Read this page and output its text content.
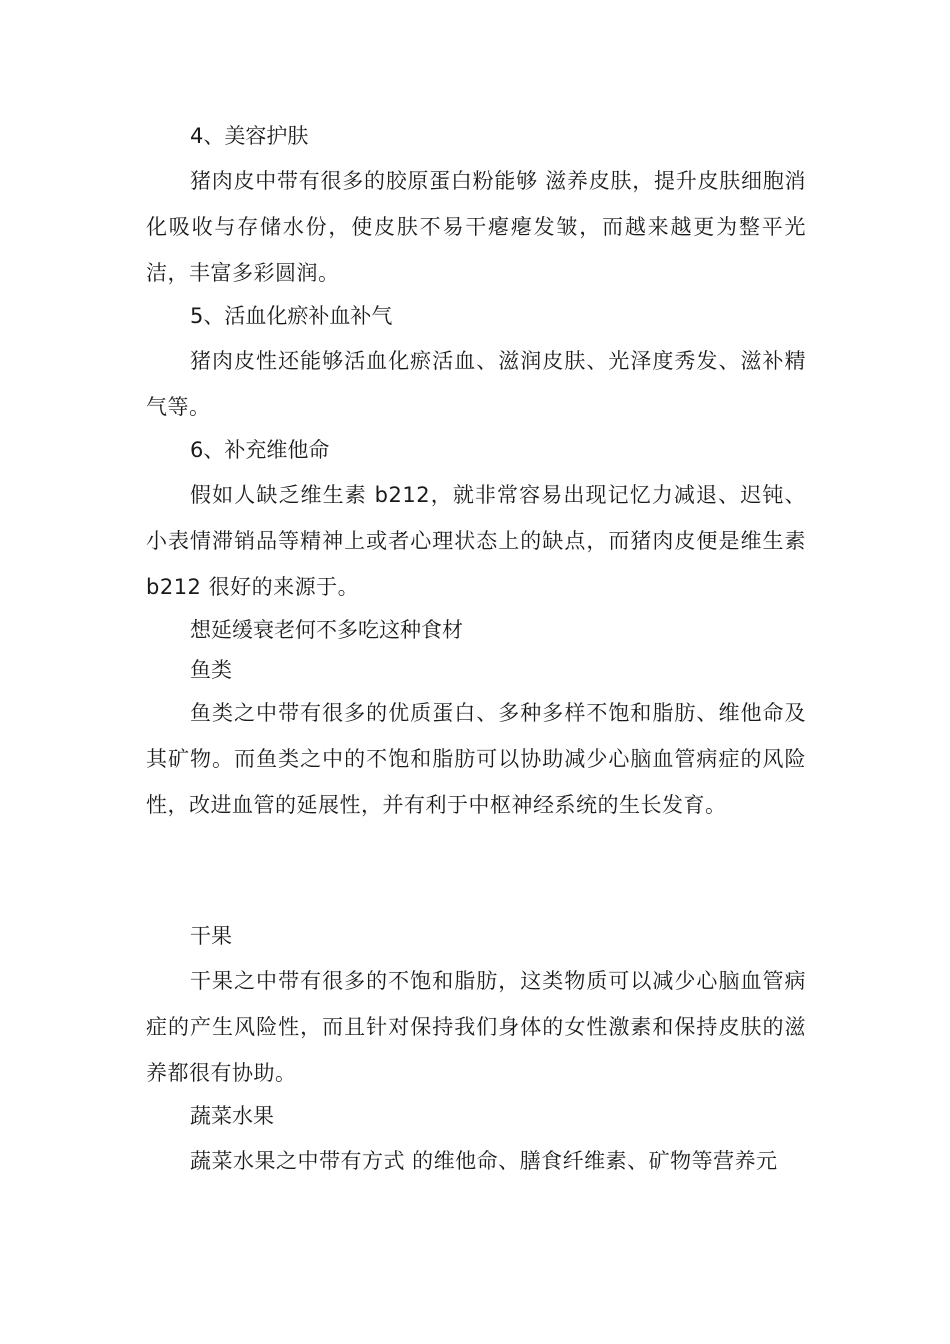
4、美容护肤

猪肉皮中带有很多的胶原蛋白粉能够 滋养皮肤，提升皮肤细胞消化吸收与存储水份，使皮肤不易干瘪瘪发皱，而越来越更为整平光洁，丰富多彩圆润。

5、活血化瘀补血补气

猪肉皮性还能够活血化瘀活血、滋润皮肤、光泽度秀发、滋补精气等。

6、补充维他命

假如人缺乏维生素 b212，就非常容易出现记忆力减退、迟钝、小表情滞销品等精神上或者心理状态上的缺点，而猪肉皮便是维生素 b212 很好的来源于。

想延缓衰老何不多吃这种食材
鱼类

鱼类之中带有很多的优质蛋白、多种多样不饱和脂肪、维他命及其矿物。而鱼类之中的不饱和脂肪可以协助减少心脑血管病症的风险性，改进血管的延展性，并有利于中枢神经系统的生长发育。

干果

干果之中带有很多的不饱和脂肪，这类物质可以减少心脑血管病症的产生风险性，而且针对保持我们身体的女性激素和保持皮肤的滋养都很有协助。

蔬菜水果

蔬菜水果之中带有方式 的维他命、膳食纤维素、矿物等营养元
